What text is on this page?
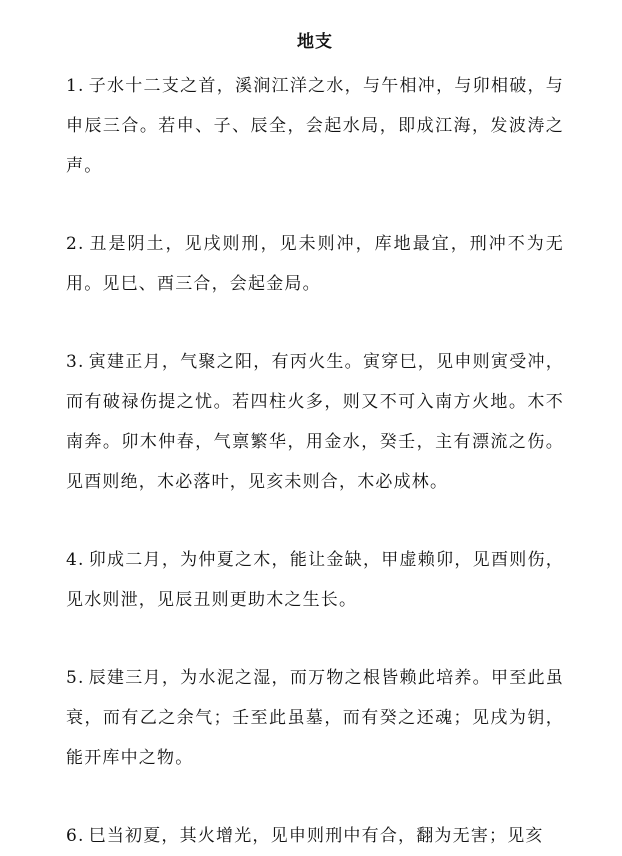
地支

1. 子水十二支之首，溪涧江洋之水，与午相冲，与卯相破，与申辰三合。若申、子、辰全，会起水局，即成江海，发波涛之声。

2. 丑是阴土，见戌则刑，见未则冲，库地最宜，刑冲不为无用。见巳、酉三合，会起金局。

3. 寅建正月，气聚之阳，有丙火生。寅穿巳，见申则寅受冲，而有破禄伤提之忧。若四柱火多，则又不可入南方火地。木不南奔。卯木仲春，气禀繁华，用金水，癸壬，主有漂流之伤。见酉则绝，木必落叶，见亥未则合，木必成林。

4. 卯成二月，为仲夏之木，能让金缺，甲虚赖卯，见酉则伤，见水则泄，见辰丑则更助木之生长。

5. 辰建三月，为水泥之湿，而万物之根皆赖此培养。甲至此虽衰，而有乙之余气；壬至此虽墓，而有癸之还魂；见戌为钥，能开库中之物。

6. 巳当初夏，其火增光，见申则刑中有合，翻为无害；见亥
